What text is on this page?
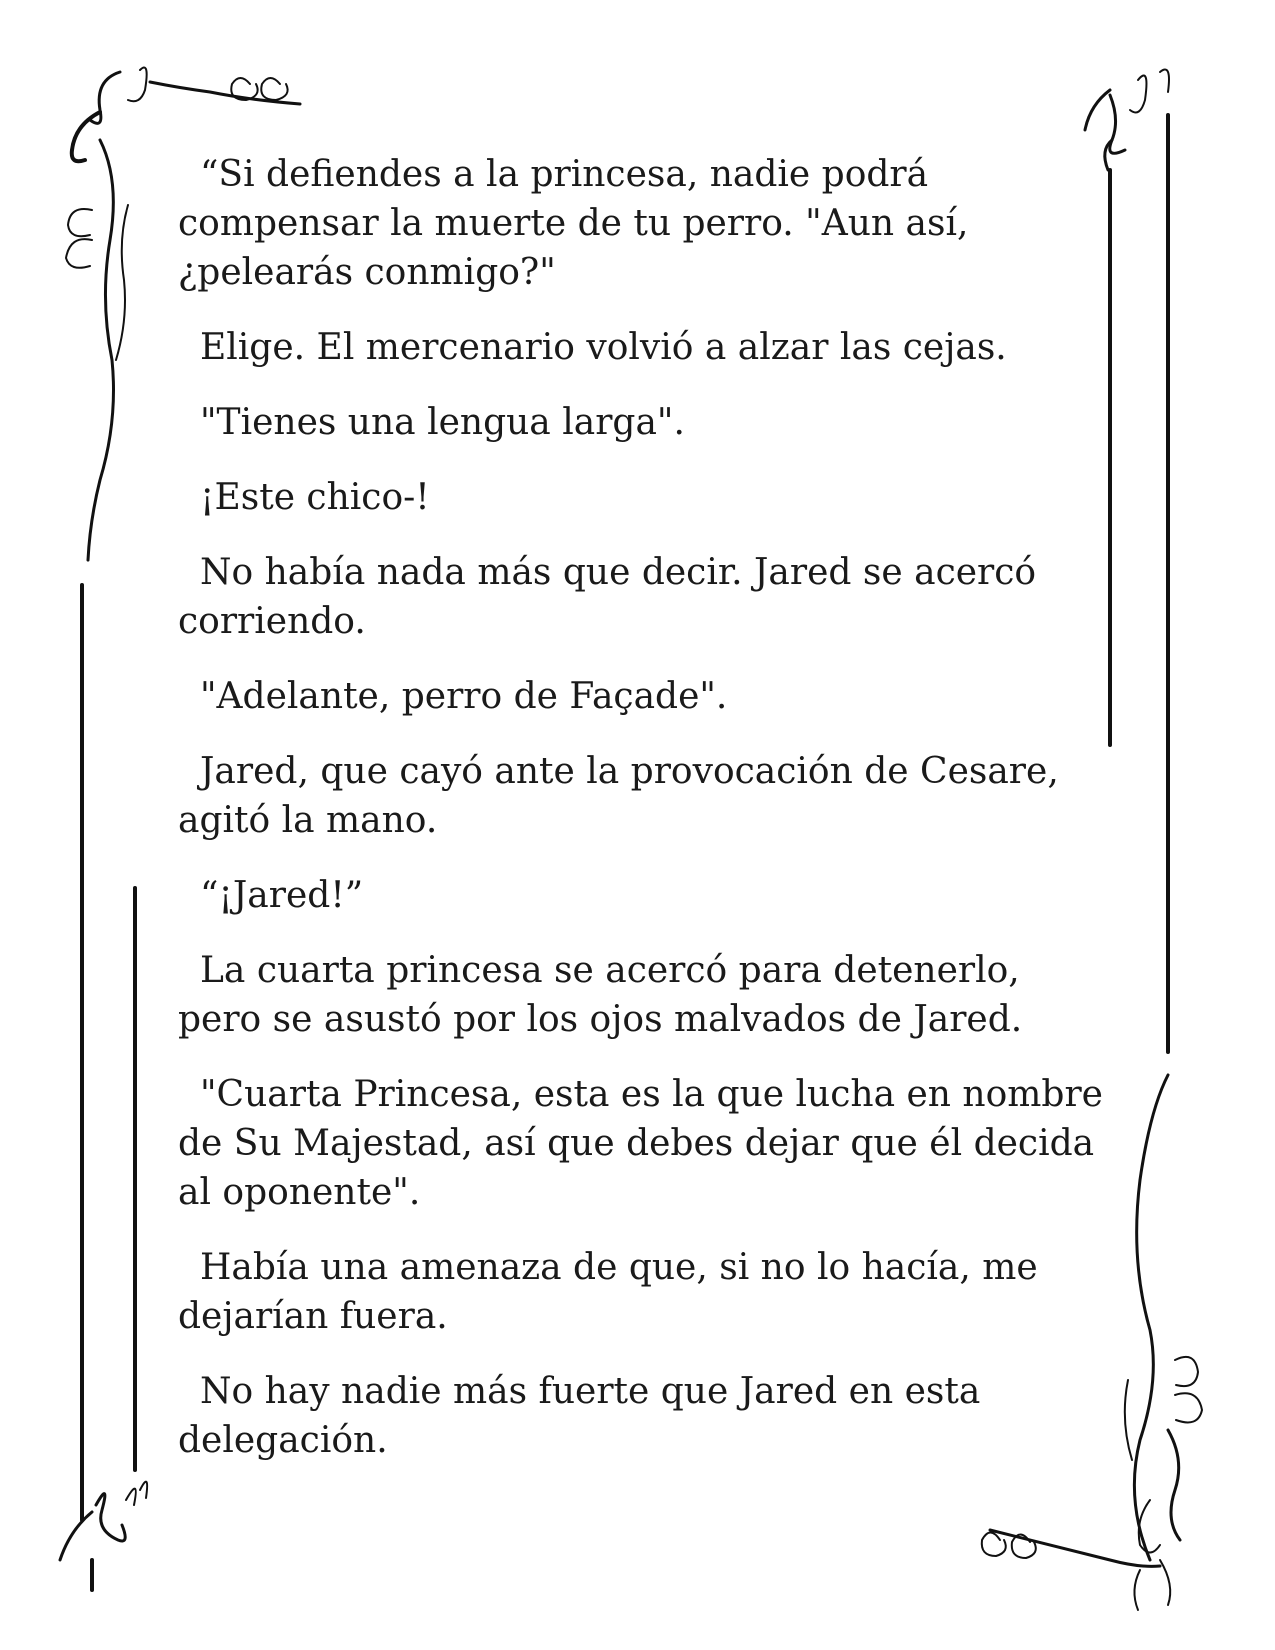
“Si defiendes a la princesa, nadie podrá compensar la muerte de tu perro. "Aun así, ¿pelearás conmigo?"

Elige. El mercenario volvió a alzar las cejas.

"Tienes una lengua larga".

¡Este chico-!

No había nada más que decir. Jared se acercó corriendo.

"Adelante, perro de Façade".

Jared, que cayó ante la provocación de Cesare, agitó la mano.

“¡Jared!”

La cuarta princesa se acercó para detenerlo, pero se asustó por los ojos malvados de Jared.

"Cuarta Princesa, esta es la que lucha en nombre de Su Majestad, así que debes dejar que él decida al oponente".

Había una amenaza de que, si no lo hacía, me dejarían fuera.

No hay nadie más fuerte que Jared en esta delegación.
